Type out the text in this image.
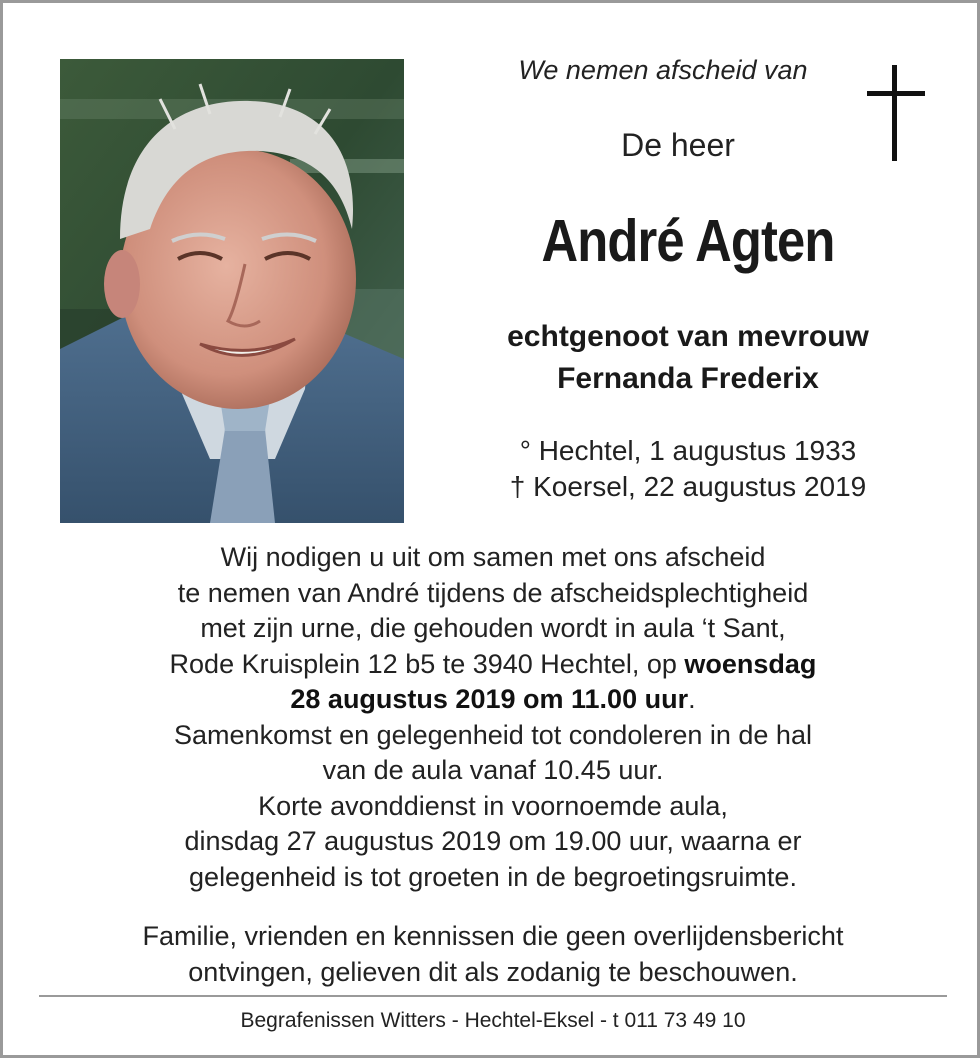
We nemen afscheid van
De heer
André Agten
echtgenoot van mevrouw
Fernanda Frederix
° Hechtel, 1 augustus 1933
† Koersel, 22 augustus 2019
Wij nodigen u uit om samen met ons afscheid
te nemen van André tijdens de afscheidsplechtigheid
met zijn urne, die gehouden wordt in aula ‘t Sant,
Rode Kruisplein 12 b5 te 3940 Hechtel, op woensdag
28 augustus 2019 om 11.00 uur.
Samenkomst en gelegenheid tot condoleren in de hal
van de aula vanaf 10.45 uur.
Korte avonddienst in voornoemde aula,
dinsdag 27 augustus 2019 om 19.00 uur, waarna er
gelegenheid is tot groeten in de begroetingsruimte.
Familie, vrienden en kennissen die geen overlijdensbericht
ontvingen, gelieven dit als zodanig te beschouwen.
Begrafenissen Witters - Hechtel-Eksel - t 011 73 49 10
